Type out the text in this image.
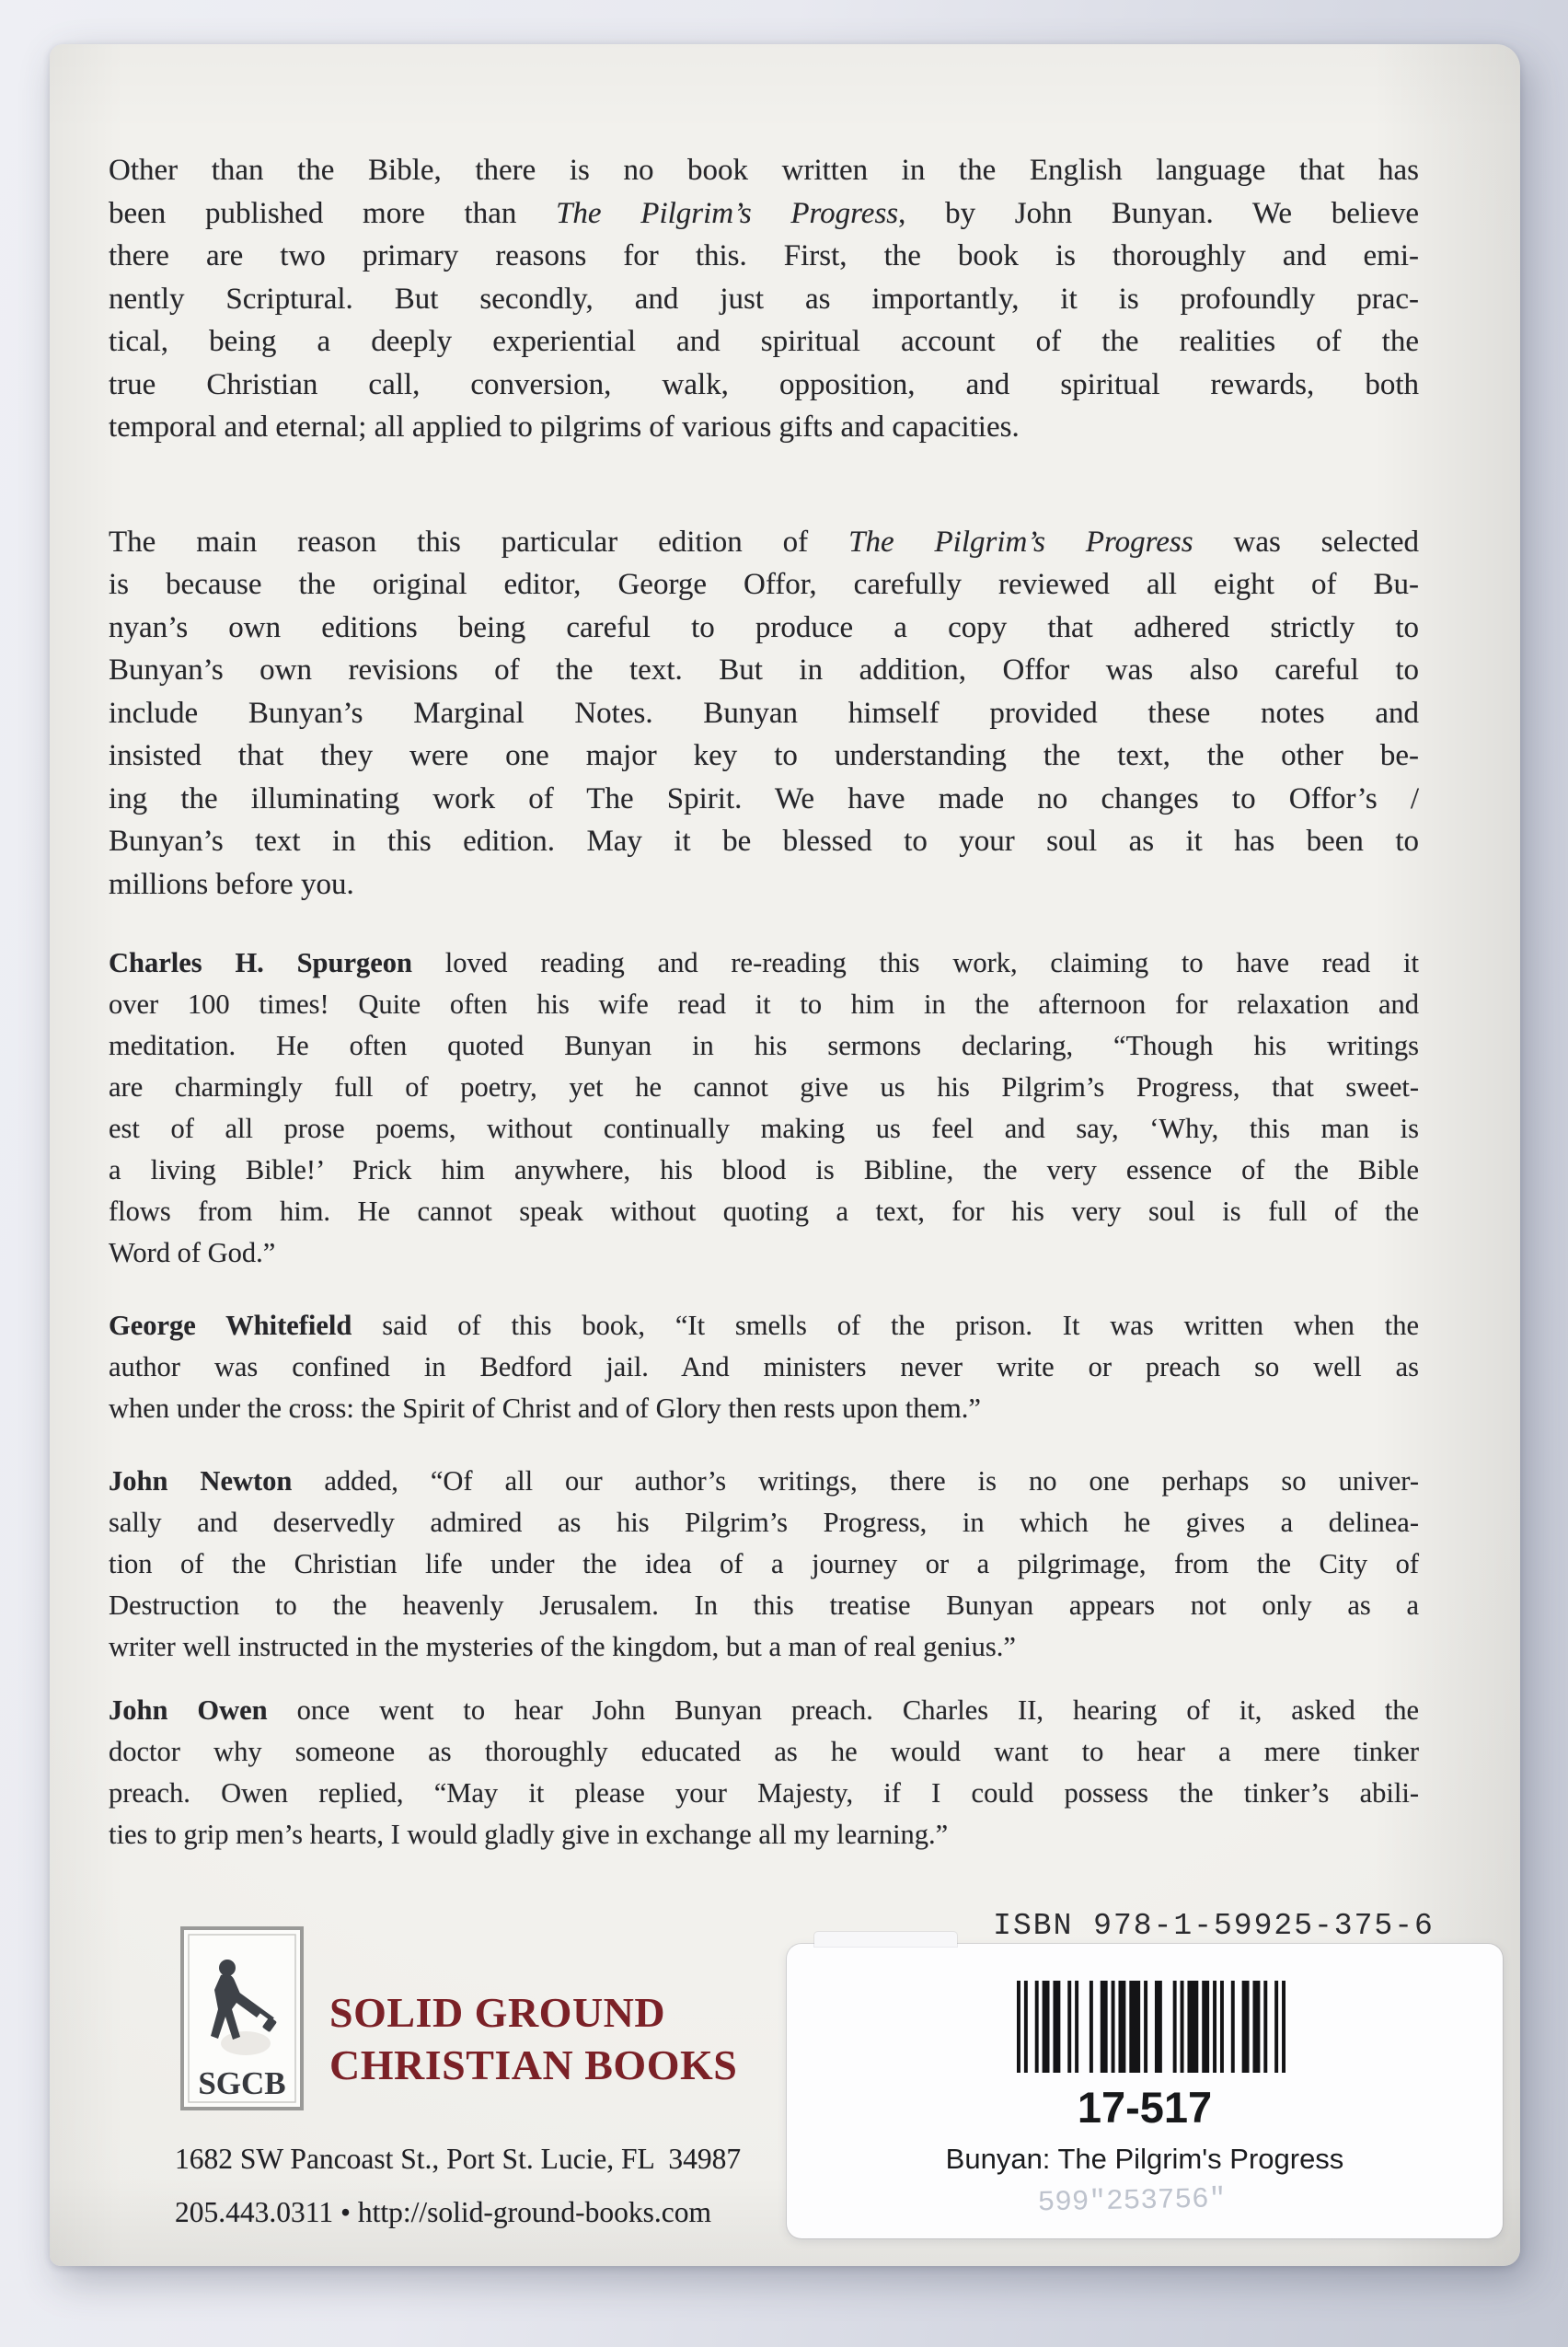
Other than the Bible, there is no book written in the English language that has
been published more than The Pilgrim’s Progress, by John Bunyan. We believe
there are two primary reasons for this. First, the book is thoroughly and emi-
nently Scriptural. But secondly, and just as importantly, it is profoundly prac-
tical, being a deeply experiential and spiritual account of the realities of the
true Christian call, conversion, walk, opposition, and spiritual rewards, both
temporal and eternal; all applied to pilgrims of various gifts and capacities.

The main reason this particular edition of The Pilgrim’s Progress was selected
is because the original editor, George Offor, carefully reviewed all eight of Bu-
nyan’s own editions being careful to produce a copy that adhered strictly to
Bunyan’s own revisions of the text. But in addition, Offor was also careful to
include Bunyan’s Marginal Notes. Bunyan himself provided these notes and
insisted that they were one major key to understanding the text, the other be-
ing the illuminating work of The Spirit. We have made no changes to Offor’s /
Bunyan’s text in this edition. May it be blessed to your soul as it has been to
millions before you.

Charles H. Spurgeon loved reading and re-reading this work, claiming to have read it
over 100 times! Quite often his wife read it to him in the afternoon for relaxation and
meditation. He often quoted Bunyan in his sermons declaring, “Though his writings
are charmingly full of poetry, yet he cannot give us his Pilgrim’s Progress, that sweet-
est of all prose poems, without continually making us feel and say, ‘Why, this man is
a living Bible!’ Prick him anywhere, his blood is Bibline, the very essence of the Bible
flows from him. He cannot speak without quoting a text, for his very soul is full of the
Word of God.”

George Whitefield said of this book, “It smells of the prison. It was written when the
author was confined in Bedford jail. And ministers never write or preach so well as
when under the cross: the Spirit of Christ and of Glory then rests upon them.”

John Newton added, “Of all our author’s writings, there is no one perhaps so univer-
sally and deservedly admired as his Pilgrim’s Progress, in which he gives a delinea-
tion of the Christian life under the idea of a journey or a pilgrimage, from the City of
Destruction to the heavenly Jerusalem. In this treatise Bunyan appears not only as a
writer well instructed in the mysteries of the kingdom, but a man of real genius.”

John Owen once went to hear John Bunyan preach. Charles II, hearing of it, asked the
doctor why someone as thoroughly educated as he would want to hear a mere tinker
preach. Owen replied, “May it please your Majesty, if I could possess the tinker’s abili-
ties to grip men’s hearts, I would gladly give in exchange all my learning.”

SGCB
SOLID GROUND
CHRISTIAN BOOKS
1682 SW Pancoast St., Port St. Lucie, FL  34987
205.443.0311 • http://solid-ground-books.com
ISBN 978-1-59925-375-6
17-517
Bunyan: The Pilgrim's Progress
599"253756"
